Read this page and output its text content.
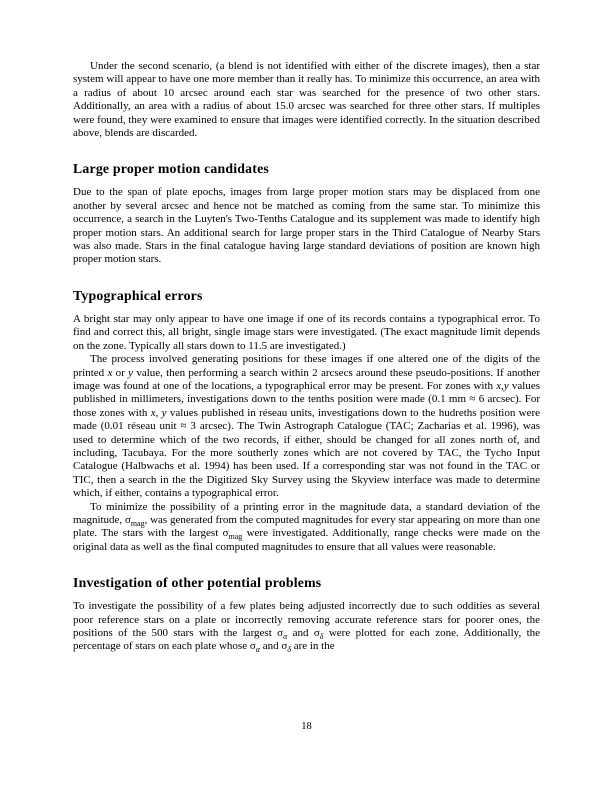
Under the second scenario, (a blend is not identified with either of the discrete images), then a star system will appear to have one more member than it really has. To minimize this occurrence, an area with a radius of about 10 arcsec around each star was searched for the presence of two other stars. Additionally, an area with a radius of about 15.0 arcsec was searched for three other stars. If multiples were found, they were examined to ensure that images were identified correctly. In the situation described above, blends are discarded.

Large proper motion candidates

Due to the span of plate epochs, images from large proper motion stars may be displaced from one another by several arcsec and hence not be matched as coming from the same star. To minimize this occurrence, a search in the Luyten's Two-Tenths Catalogue and its supplement was made to identify high proper motion stars. An additional search for large proper stars in the Third Catalogue of Nearby Stars was also made. Stars in the final catalogue having large standard deviations of position are known high proper motion stars.

Typographical errors

A bright star may only appear to have one image if one of its records contains a typographical error. To find and correct this, all bright, single image stars were investigated. (The exact magnitude limit depends on the zone. Typically all stars down to 11.5 are investigated.)

The process involved generating positions for these images if one altered one of the digits of the printed x or y value, then performing a search within 2 arcsecs around these pseudo-positions. If another image was found at one of the locations, a typographical error may be present. For zones with x,y values published in millimeters, investigations down to the tenths position were made (0.1 mm ≈ 6 arcsec). For those zones with x, y values published in réseau units, investigations down to the hudreths position were made (0.01 réseau unit ≈ 3 arcsec). The Twin Astrograph Catalogue (TAC; Zacharias et al. 1996), was used to determine which of the two records, if either, should be changed for all zones north of, and including, Tacubaya. For the more southerly zones which are not covered by TAC, the Tycho Input Catalogue (Halbwachs et al. 1994) has been used. If a corresponding star was not found in the TAC or TIC, then a search in the the Digitized Sky Survey using the Skyview interface was made to determine which, if either, contains a typographical error.

To minimize the possibility of a printing error in the magnitude data, a standard deviation of the magnitude, $\sigma_{mag}$, was generated from the computed magnitudes for every star appearing on more than one plate. The stars with the largest $\sigma_{mag}$ were investigated. Additionally, range checks were made on the original data as well as the final computed magnitudes to ensure that all values were reasonable.

Investigation of other potential problems

To investigate the possibility of a few plates being adjusted incorrectly due to such oddities as several poor reference stars on a plate or incorrectly removing accurate reference stars for poorer ones, the positions of the 500 stars with the largest $\sigma_\alpha$ and $\sigma_\delta$ were plotted for each zone. Additionally, the percentage of stars on each plate whose $\sigma_\alpha$ and $\sigma_\delta$ are in the

18
